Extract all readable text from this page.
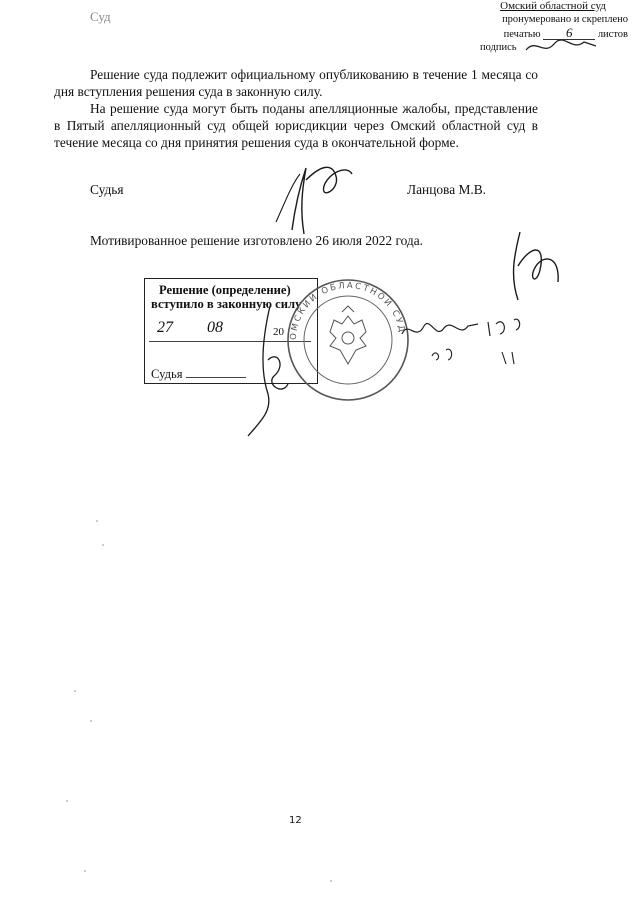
Суд
Омский областной суд
пронумеровано и скреплено
печатью 6 листов
подпись
Решение суда подлежит официальному опубликованию в течение 1 месяца со дня вступления решения суда в законную силу.
На решение суда могут быть поданы апелляционные жалобы, представление в Пятый апелляционный суд общей юрисдикции через Омский областной суд в течение месяца со дня принятия решения суда в окончательной форме.
Судья	Ланцова М.В.
Мотивированное решение изготовлено 26 июля 2022 года.
Решение (определение)
вступило в законную силу
27 08	20
Судья
ОМСКИЙ ОБЛАСТНОЙ СУД
12
